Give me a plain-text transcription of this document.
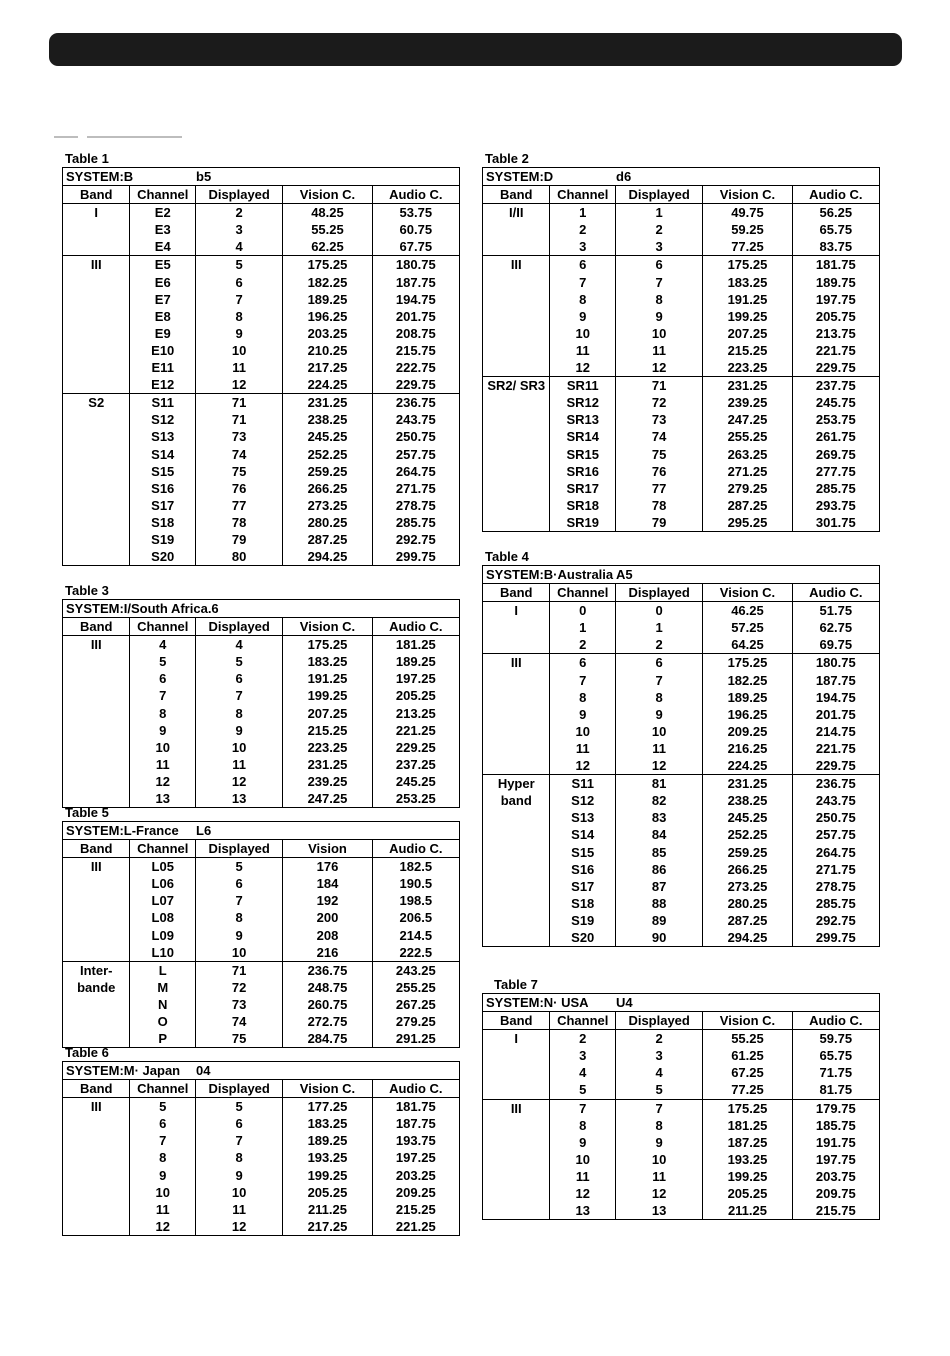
Table 1
SYSTEM:B b5				
Band	Channel	Displayed	Vision C.	Audio C.
I	E2	2	48.25	53.75
	E3	3	55.25	60.75
	E4	4	62.25	67.75
III	E5	5	175.25	180.75
	E6	6	182.25	187.75
	E7	7	189.25	194.75
	E8	8	196.25	201.75
	E9	9	203.25	208.75
	E10	10	210.25	215.75
	E11	11	217.25	222.75
	E12	12	224.25	229.75
S2	S11	71	231.25	236.75
	S12	71	238.25	243.75
	S13	73	245.25	250.75
	S14	74	252.25	257.75
	S15	75	259.25	264.75
	S16	76	266.25	271.75
	S17	77	273.25	278.75
	S18	78	280.25	285.75
	S19	79	287.25	292.75
	S20	80	294.25	299.75
Table 2
SYSTEM:D d6				
Band	Channel	Displayed	Vision C.	Audio C.
I/II	1	1	49.75	56.25
	2	2	59.25	65.75
	3	3	77.25	83.75
III	6	6	175.25	181.75
	7	7	183.25	189.75
	8	8	191.25	197.75
	9	9	199.25	205.75
	10	10	207.25	213.75
	11	11	215.25	221.75
	12	12	223.25	229.75
SR2/ SR3	SR11	71	231.25	237.75
	SR12	72	239.25	245.75
	SR13	73	247.25	253.75
	SR14	74	255.25	261.75
	SR15	75	263.25	269.75
	SR16	76	271.25	277.75
	SR17	77	279.25	285.75
	SR18	78	287.25	293.75
	SR19	79	295.25	301.75
Table 3
SYSTEM:I/South Africa.6				
Band	Channel	Displayed	Vision C.	Audio C.
III	4	4	175.25	181.25
	5	5	183.25	189.25
	6	6	191.25	197.25
	7	7	199.25	205.25
	8	8	207.25	213.25
	9	9	215.25	221.25
	10	10	223.25	229.25
	11	11	231.25	237.25
	12	12	239.25	245.25
	13	13	247.25	253.25
Table 4
SYSTEM:B·Australia A5				
Band	Channel	Displayed	Vision C.	Audio C.
I	0	0	46.25	51.75
	1	1	57.25	62.75
	2	2	64.25	69.75
III	6	6	175.25	180.75
	7	7	182.25	187.75
	8	8	189.25	194.75
	9	9	196.25	201.75
	10	10	209.25	214.75
	11	11	216.25	221.75
	12	12	224.25	229.75
Hyper	S11	81	231.25	236.75
band	S12	82	238.25	243.75
	S13	83	245.25	250.75
	S14	84	252.25	257.75
	S15	85	259.25	264.75
	S16	86	266.25	271.75
	S17	87	273.25	278.75
	S18	88	280.25	285.75
	S19	89	287.25	292.75
	S20	90	294.25	299.75
Table 5
SYSTEM:L-France L6				
Band	Channel	Displayed	Vision	Audio C.
III	L05	5	176	182.5
	L06	6	184	190.5
	L07	7	192	198.5
	L08	8	200	206.5
	L09	9	208	214.5
	L10	10	216	222.5
Inter-	L	71	236.75	243.25
bande	M	72	248.75	255.25
	N	73	260.75	267.25
	O	74	272.75	279.25
	P	75	284.75	291.25
Table 6
SYSTEM:M· Japan 04				
Band	Channel	Displayed	Vision C.	Audio C.
III	5	5	177.25	181.75
	6	6	183.25	187.75
	7	7	189.25	193.75
	8	8	193.25	197.25
	9	9	199.25	203.25
	10	10	205.25	209.25
	11	11	211.25	215.25
	12	12	217.25	221.25
Table 7
SYSTEM:N· USA U4				
Band	Channel	Displayed	Vision C.	Audio C.
I	2	2	55.25	59.75
	3	3	61.25	65.75
	4	4	67.25	71.75
	5	5	77.25	81.75
III	7	7	175.25	179.75
	8	8	181.25	185.75
	9	9	187.25	191.75
	10	10	193.25	197.75
	11	11	199.25	203.75
	12	12	205.25	209.75
	13	13	211.25	215.75
